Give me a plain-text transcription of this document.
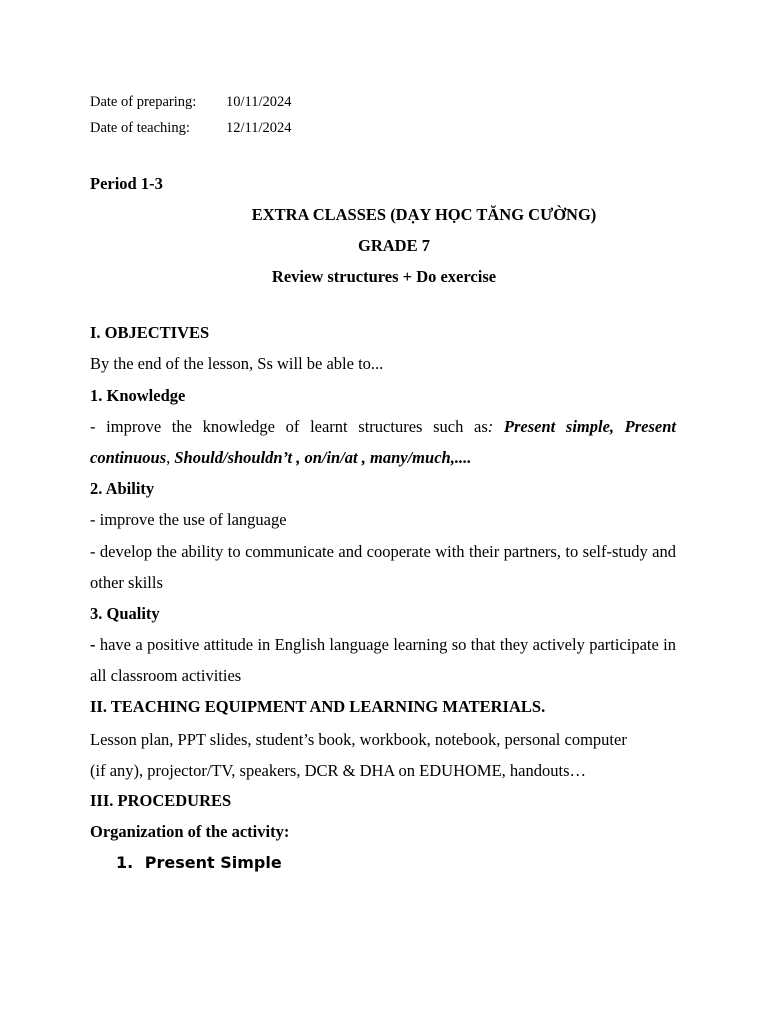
Date of preparing: 10/11/2024
Date of teaching: 12/11/2024
Period 1-3
EXTRA CLASSES (DẠY HỌC TĂNG CƯỜNG)
GRADE 7
Review structures + Do exercise
I. OBJECTIVES
By the end of the lesson, Ss will be able to...
1. Knowledge
- improve the knowledge of learnt structures such as: Present simple, Present continuous, Should/shouldn’t , on/in/at , many/much,....
2. Ability
- improve the use of language
- develop the ability to communicate and cooperate with their partners, to self-study and other skills
3. Quality
- have a positive attitude in English language learning so that they actively participate in all classroom activities
II. TEACHING EQUIPMENT AND LEARNING MATERIALS.
Lesson plan, PPT slides, student’s book, workbook, notebook, personal computer
(if any), projector/TV, speakers, DCR & DHA on EDUHOME, handouts…
III. PROCEDURES
Organization of the activity:
1. Present Simple
